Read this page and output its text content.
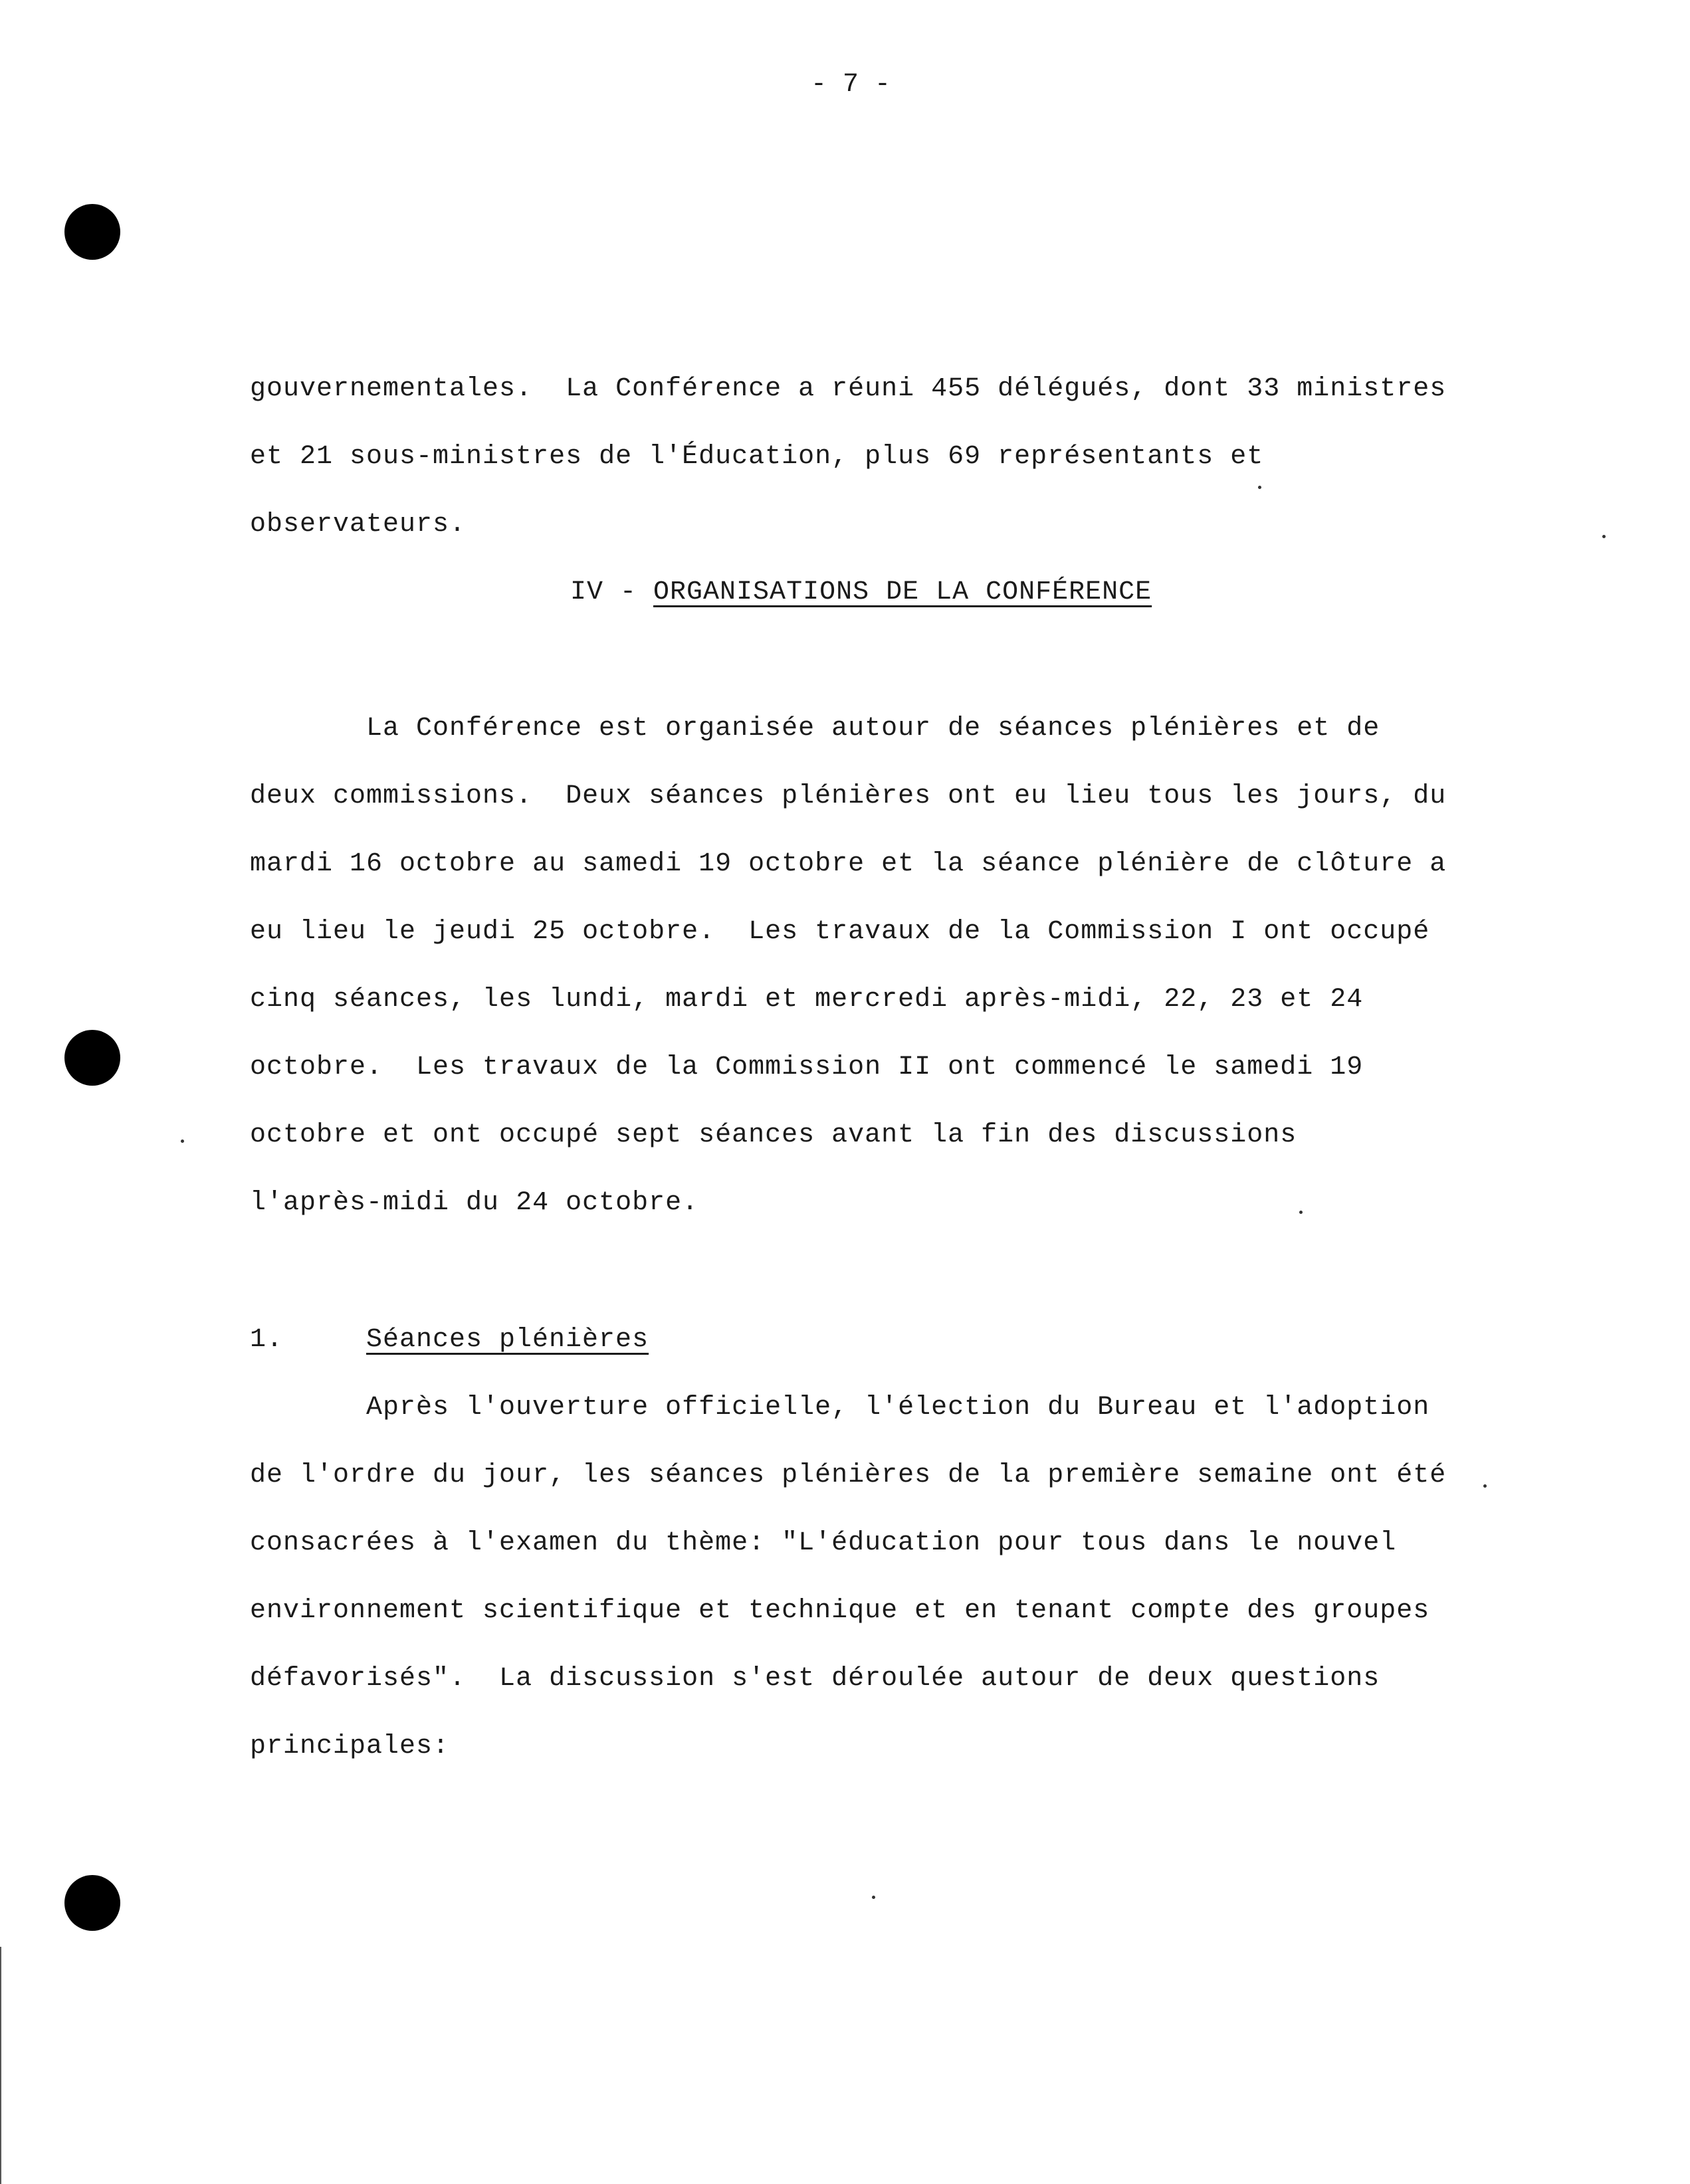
- 7 -

gouvernementales.  La Conférence a réuni 455 délégués, dont 33 ministres

et 21 sous-ministres de l'Éducation, plus 69 représentants et

observateurs.

IV - ORGANISATIONS DE LA CONFÉRENCE

La Conférence est organisée autour de séances plénières et de

deux commissions.  Deux séances plénières ont eu lieu tous les jours, du

mardi 16 octobre au samedi 19 octobre et la séance plénière de clôture a

eu lieu le jeudi 25 octobre.  Les travaux de la Commission I ont occupé

cinq séances, les lundi, mardi et mercredi après-midi, 22, 23 et 24

octobre.  Les travaux de la Commission II ont commencé le samedi 19

octobre et ont occupé sept séances avant la fin des discussions

l'après-midi du 24 octobre.

1.	Séances plénières

Après l'ouverture officielle, l'élection du Bureau et l'adoption

de l'ordre du jour, les séances plénières de la première semaine ont été

consacrées à l'examen du thème: "L'éducation pour tous dans le nouvel

environnement scientifique et technique et en tenant compte des groupes

défavorisés".  La discussion s'est déroulée autour de deux questions

principales:
